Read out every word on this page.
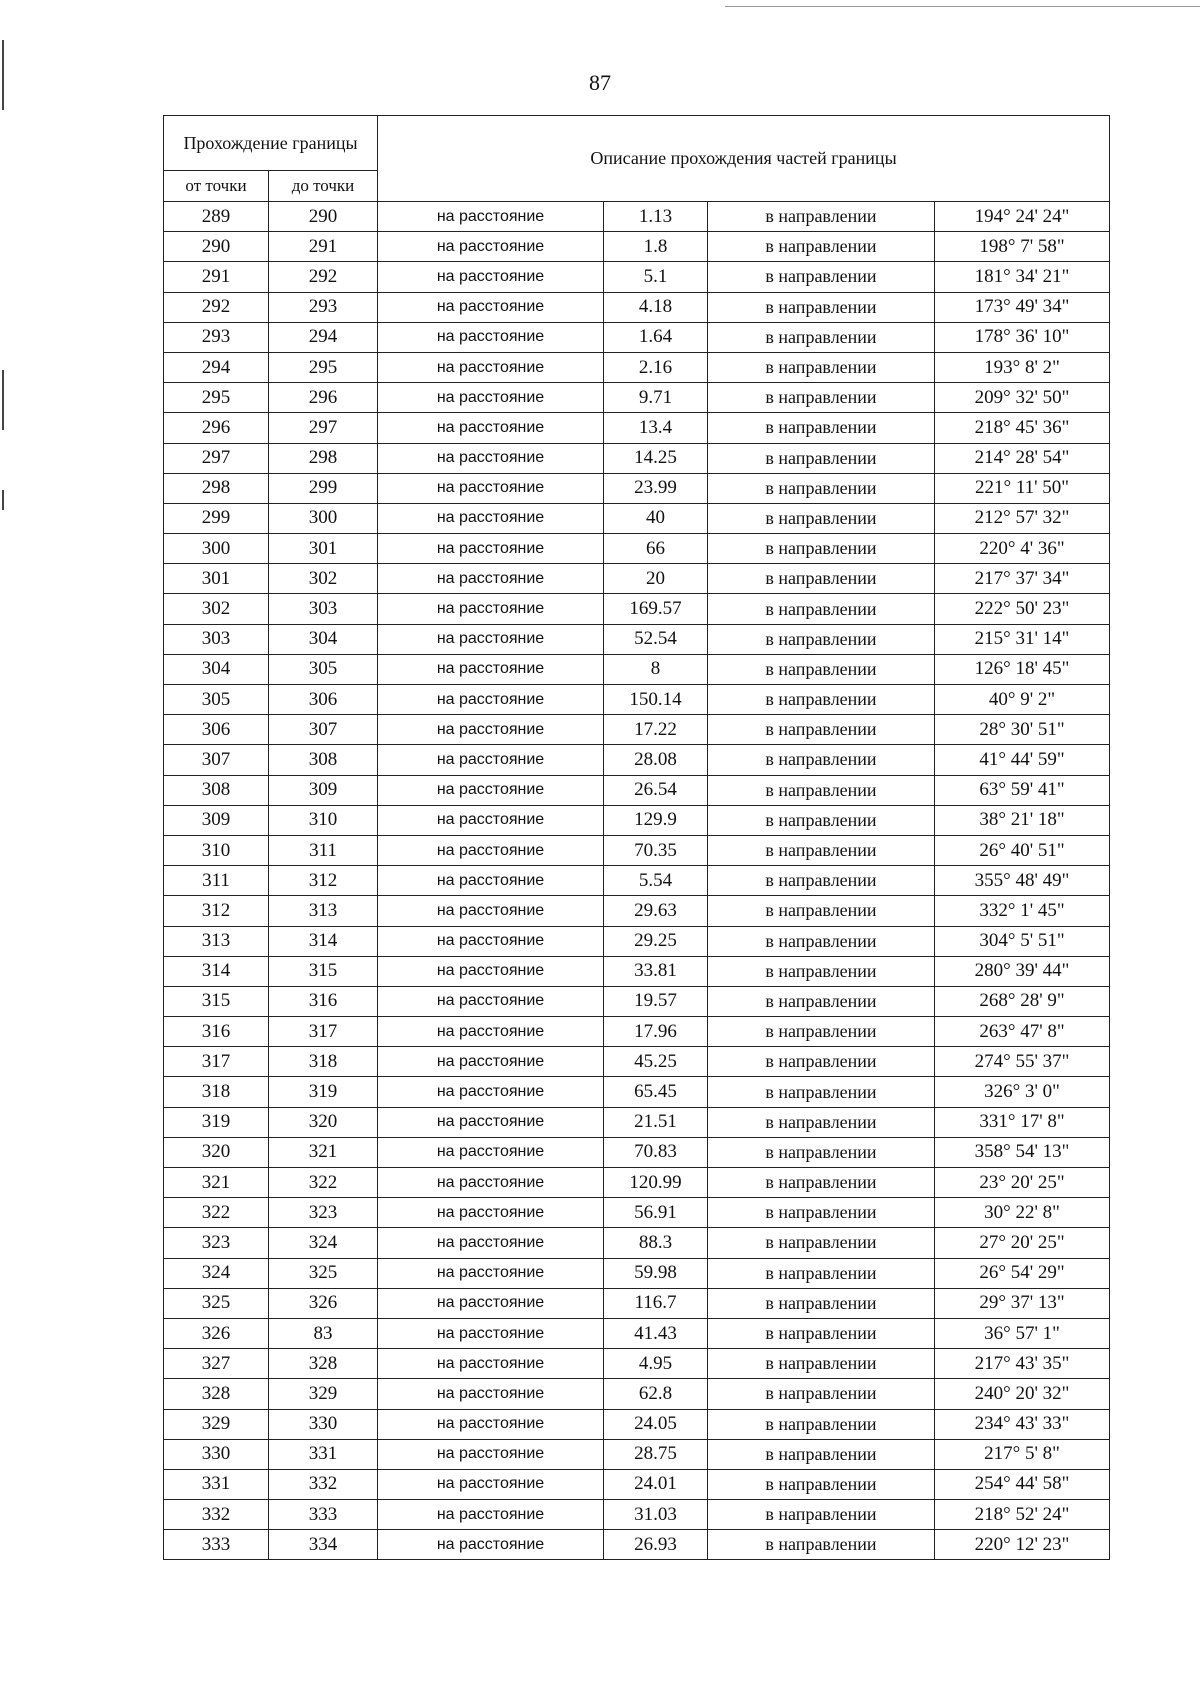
87
Прохождение границы		Описание прохождения частей границы			
от точки	до точки				
289	290	на расстояние	1.13	в направлении	194° 24' 24"
290	291	на расстояние	1.8	в направлении	198° 7' 58"
291	292	на расстояние	5.1	в направлении	181° 34' 21"
292	293	на расстояние	4.18	в направлении	173° 49' 34"
293	294	на расстояние	1.64	в направлении	178° 36' 10"
294	295	на расстояние	2.16	в направлении	193° 8' 2"
295	296	на расстояние	9.71	в направлении	209° 32' 50"
296	297	на расстояние	13.4	в направлении	218° 45' 36"
297	298	на расстояние	14.25	в направлении	214° 28' 54"
298	299	на расстояние	23.99	в направлении	221° 11' 50"
299	300	на расстояние	40	в направлении	212° 57' 32"
300	301	на расстояние	66	в направлении	220° 4' 36"
301	302	на расстояние	20	в направлении	217° 37' 34"
302	303	на расстояние	169.57	в направлении	222° 50' 23"
303	304	на расстояние	52.54	в направлении	215° 31' 14"
304	305	на расстояние	8	в направлении	126° 18' 45"
305	306	на расстояние	150.14	в направлении	40° 9' 2"
306	307	на расстояние	17.22	в направлении	28° 30' 51"
307	308	на расстояние	28.08	в направлении	41° 44' 59"
308	309	на расстояние	26.54	в направлении	63° 59' 41"
309	310	на расстояние	129.9	в направлении	38° 21' 18"
310	311	на расстояние	70.35	в направлении	26° 40' 51"
311	312	на расстояние	5.54	в направлении	355° 48' 49"
312	313	на расстояние	29.63	в направлении	332° 1' 45"
313	314	на расстояние	29.25	в направлении	304° 5' 51"
314	315	на расстояние	33.81	в направлении	280° 39' 44"
315	316	на расстояние	19.57	в направлении	268° 28' 9"
316	317	на расстояние	17.96	в направлении	263° 47' 8"
317	318	на расстояние	45.25	в направлении	274° 55' 37"
318	319	на расстояние	65.45	в направлении	326° 3' 0"
319	320	на расстояние	21.51	в направлении	331° 17' 8"
320	321	на расстояние	70.83	в направлении	358° 54' 13"
321	322	на расстояние	120.99	в направлении	23° 20' 25"
322	323	на расстояние	56.91	в направлении	30° 22' 8"
323	324	на расстояние	88.3	в направлении	27° 20' 25"
324	325	на расстояние	59.98	в направлении	26° 54' 29"
325	326	на расстояние	116.7	в направлении	29° 37' 13"
326	83	на расстояние	41.43	в направлении	36° 57' 1"
327	328	на расстояние	4.95	в направлении	217° 43' 35"
328	329	на расстояние	62.8	в направлении	240° 20' 32"
329	330	на расстояние	24.05	в направлении	234° 43' 33"
330	331	на расстояние	28.75	в направлении	217° 5' 8"
331	332	на расстояние	24.01	в направлении	254° 44' 58"
332	333	на расстояние	31.03	в направлении	218° 52' 24"
333	334	на расстояние	26.93	в направлении	220° 12' 23"
